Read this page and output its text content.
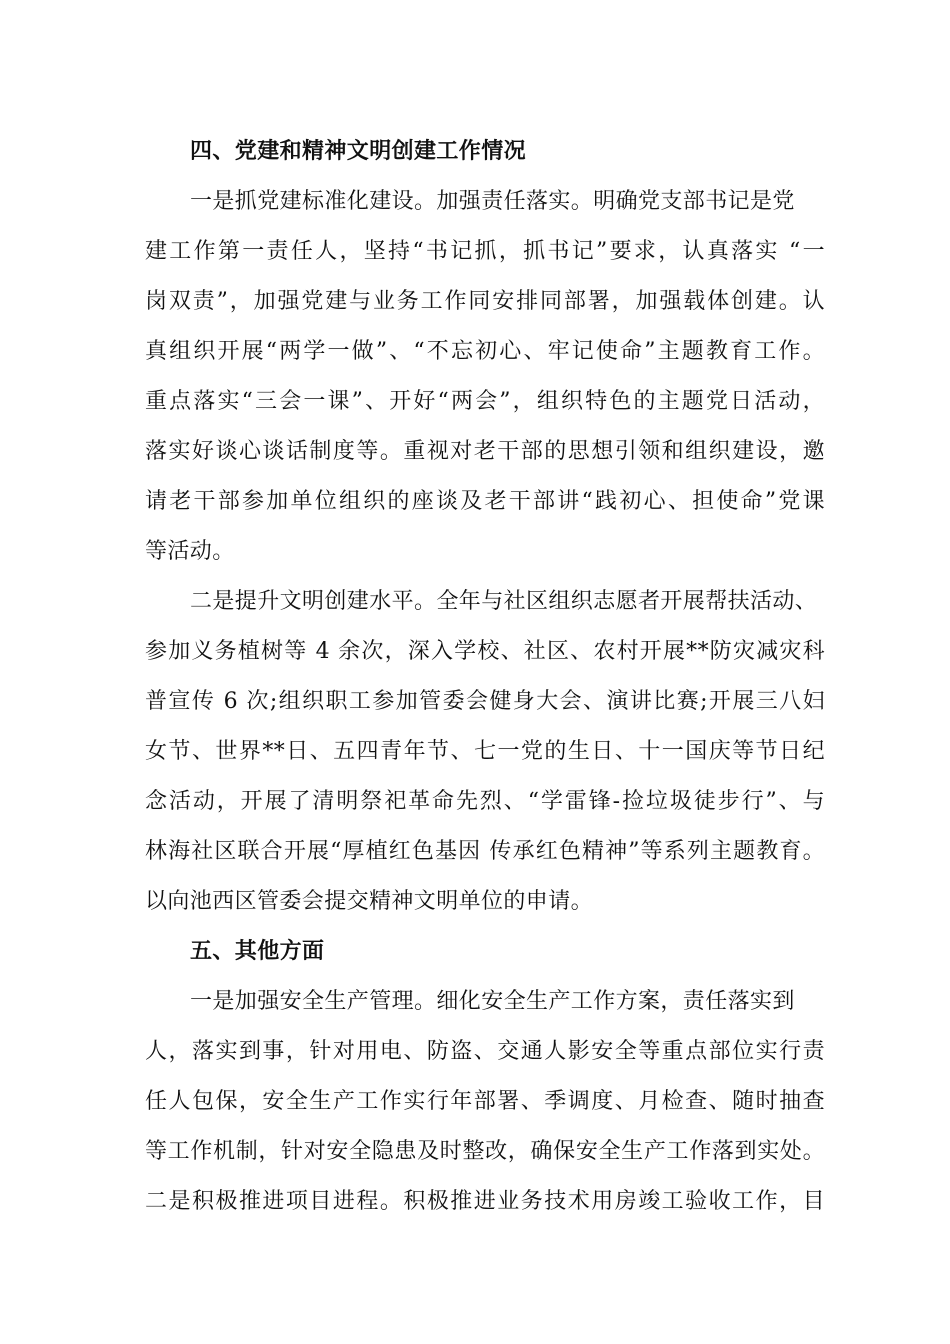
四、党建和精神文明创建工作情况
一是抓党建标准化建设。加强责任落实。明确党支部书记是党
建工作第一责任人，坚持“书记抓，抓书记”要求，认真落实 “一
岗双责”，加强党建与业务工作同安排同部署，加强载体创建。认
真组织开展“两学一做”、“不忘初心、牢记使命”主题教育工作。
重点落实“三会一课”、开好“两会”，组织特色的主题党日活动，
落实好谈心谈话制度等。重视对老干部的思想引领和组织建设，邀
请老干部参加单位组织的座谈及老干部讲“践初心、担使命”党课
等活动。
二是提升文明创建水平。全年与社区组织志愿者开展帮扶活动、
参加义务植树等 4 余次，深入学校、社区、农村开展**防灾减灾科
普宣传 6 次;组织职工参加管委会健身大会、演讲比赛;开展三八妇
女节、世界**日、五四青年节、七一党的生日、十一国庆等节日纪
念活动，开展了清明祭祀革命先烈、“学雷锋-捡垃圾徒步行”、与
林海社区联合开展“厚植红色基因 传承红色精神”等系列主题教育。
以向池西区管委会提交精神文明单位的申请。
五、其他方面
一是加强安全生产管理。细化安全生产工作方案，责任落实到
人，落实到事，针对用电、防盗、交通人影安全等重点部位实行责
任人包保，安全生产工作实行年部署、季调度、月检查、随时抽查
等工作机制，针对安全隐患及时整改，确保安全生产工作落到实处。
二是积极推进项目进程。积极推进业务技术用房竣工验收工作，目
